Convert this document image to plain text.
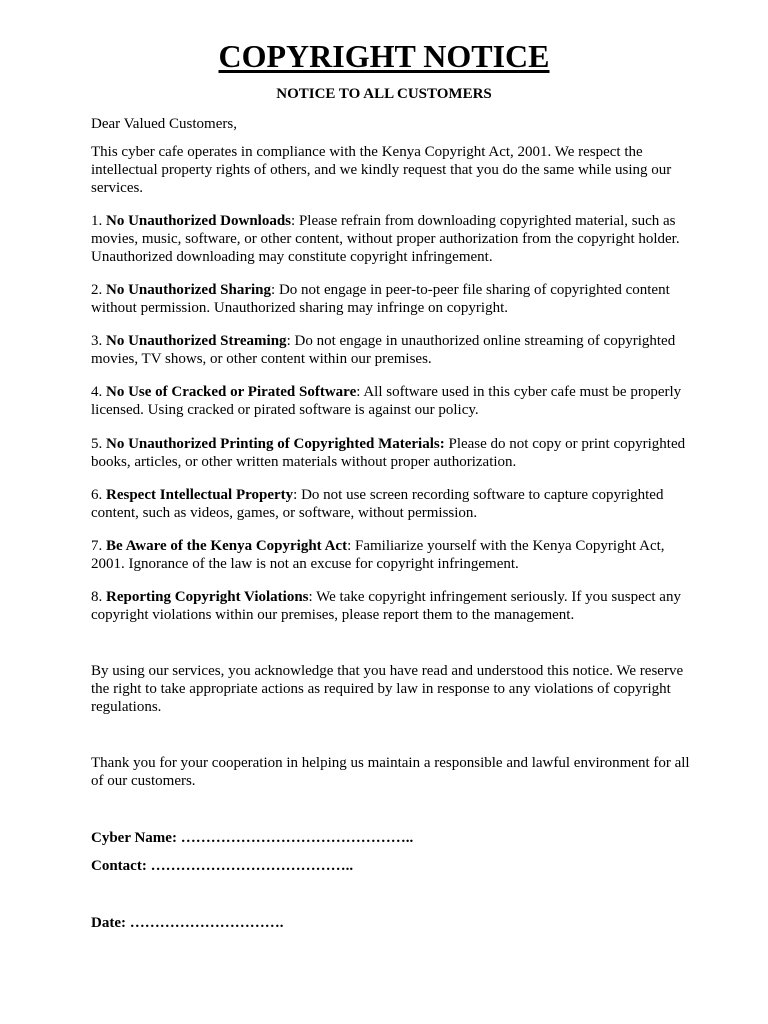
COPYRIGHT NOTICE

NOTICE TO ALL CUSTOMERS

Dear Valued Customers,

This cyber cafe operates in compliance with the Kenya Copyright Act, 2001. We respect the intellectual property rights of others, and we kindly request that you do the same while using our services.

1. No Unauthorized Downloads: Please refrain from downloading copyrighted material, such as movies, music, software, or other content, without proper authorization from the copyright holder. Unauthorized downloading may constitute copyright infringement.

2. No Unauthorized Sharing: Do not engage in peer-to-peer file sharing of copyrighted content without permission. Unauthorized sharing may infringe on copyright.

3. No Unauthorized Streaming: Do not engage in unauthorized online streaming of copyrighted movies, TV shows, or other content within our premises.

4. No Use of Cracked or Pirated Software: All software used in this cyber cafe must be properly licensed. Using cracked or pirated software is against our policy.

5. No Unauthorized Printing of Copyrighted Materials: Please do not copy or print copyrighted books, articles, or other written materials without proper authorization.

6. Respect Intellectual Property: Do not use screen recording software to capture copyrighted content, such as videos, games, or software, without permission.

7. Be Aware of the Kenya Copyright Act: Familiarize yourself with the Kenya Copyright Act, 2001. Ignorance of the law is not an excuse for copyright infringement.

8. Reporting Copyright Violations: We take copyright infringement seriously. If you suspect any copyright violations within our premises, please report them to the management.

By using our services, you acknowledge that you have read and understood this notice. We reserve the right to take appropriate actions as required by law in response to any violations of copyright regulations.

Thank you for your cooperation in helping us maintain a responsible and lawful environment for all of our customers.

Cyber Name: ………………………………………..

Contact: …………………………………..

Date: ………………………….
